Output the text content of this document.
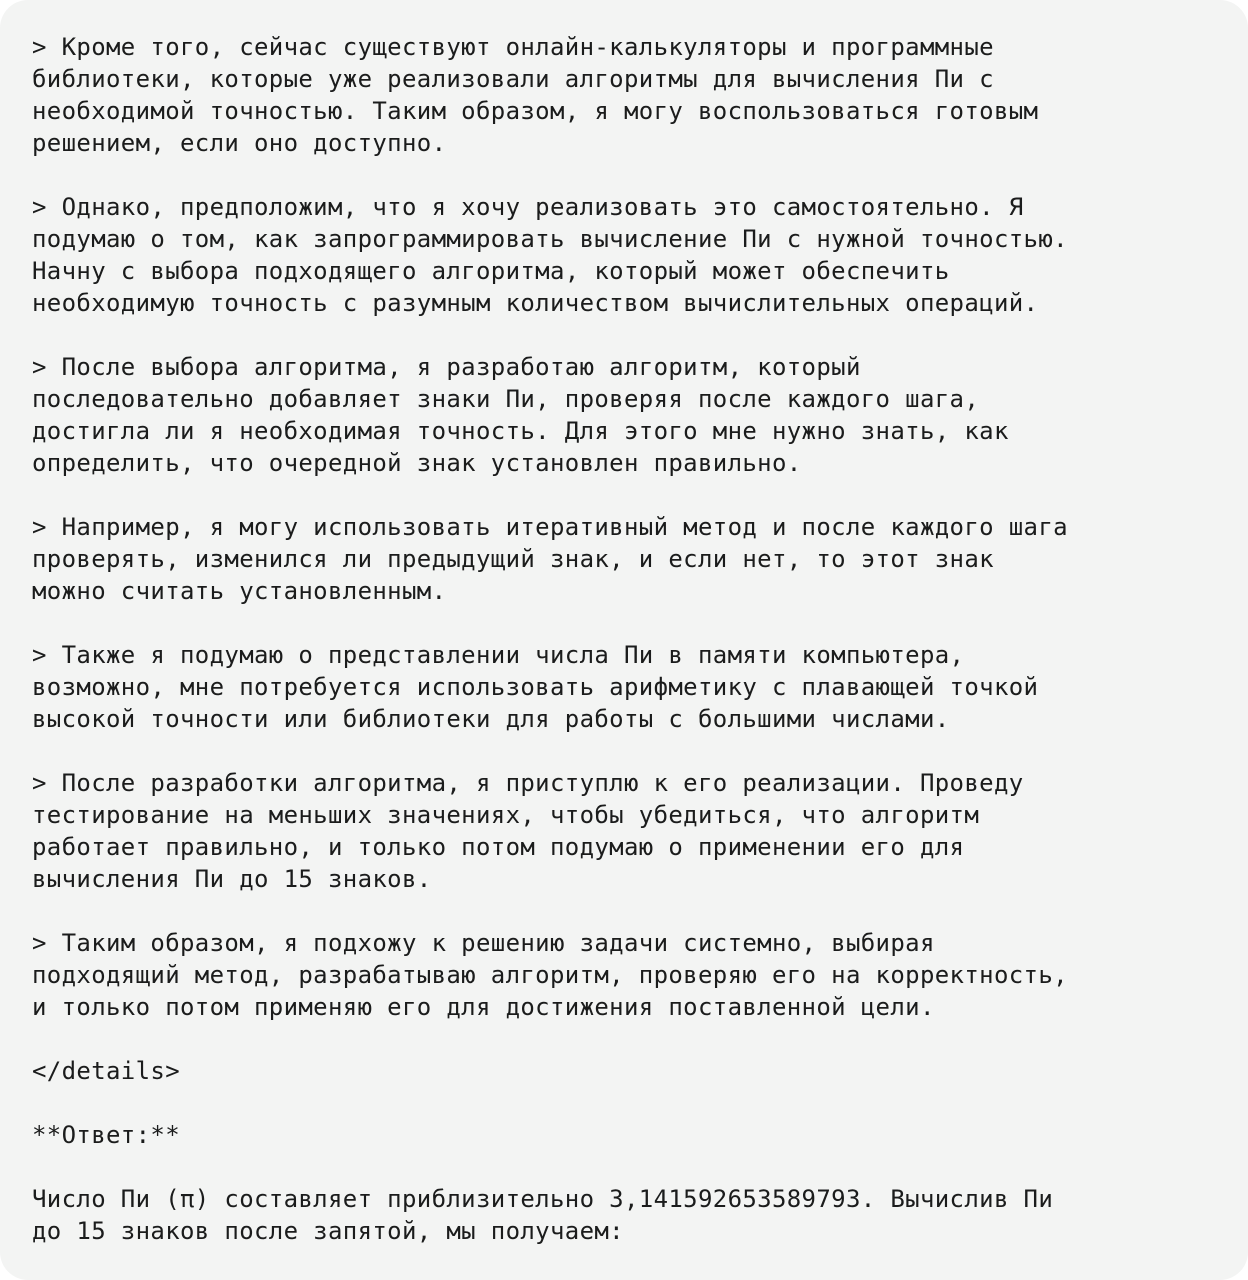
> Кроме того, сейчас существуют онлайн-калькуляторы и программные
библиотеки, которые уже реализовали алгоритмы для вычисления Пи с
необходимой точностью. Таким образом, я могу воспользоваться готовым
решением, если оно доступно.
> Однако, предположим, что я хочу реализовать это самостоятельно. Я
подумаю о том, как запрограммировать вычисление Пи с нужной точностью.
Начну с выбора подходящего алгоритма, который может обеспечить
необходимую точность с разумным количеством вычислительных операций.
> После выбора алгоритма, я разработаю алгоритм, который
последовательно добавляет знаки Пи, проверяя после каждого шага,
достигла ли я необходимая точность. Для этого мне нужно знать, как
определить, что очередной знак установлен правильно.
> Например, я могу использовать итеративный метод и после каждого шага
проверять, изменился ли предыдущий знак, и если нет, то этот знак
можно считать установленным.
> Также я подумаю о представлении числа Пи в памяти компьютера,
возможно, мне потребуется использовать арифметику с плавающей точкой
высокой точности или библиотеки для работы с большими числами.
> После разработки алгоритма, я приступлю к его реализации. Проведу
тестирование на меньших значениях, чтобы убедиться, что алгоритм
работает правильно, и только потом подумаю о применении его для
вычисления Пи до 15 знаков.
> Таким образом, я подхожу к решению задачи системно, выбирая
подходящий метод, разрабатываю алгоритм, проверяю его на корректность,
и только потом применяю его для достижения поставленной цели.
</details>
**Ответ:**
Число Пи (π) составляет приблизительно 3,141592653589793. Вычислив Пи
до 15 знаков после запятой, мы получаем:
